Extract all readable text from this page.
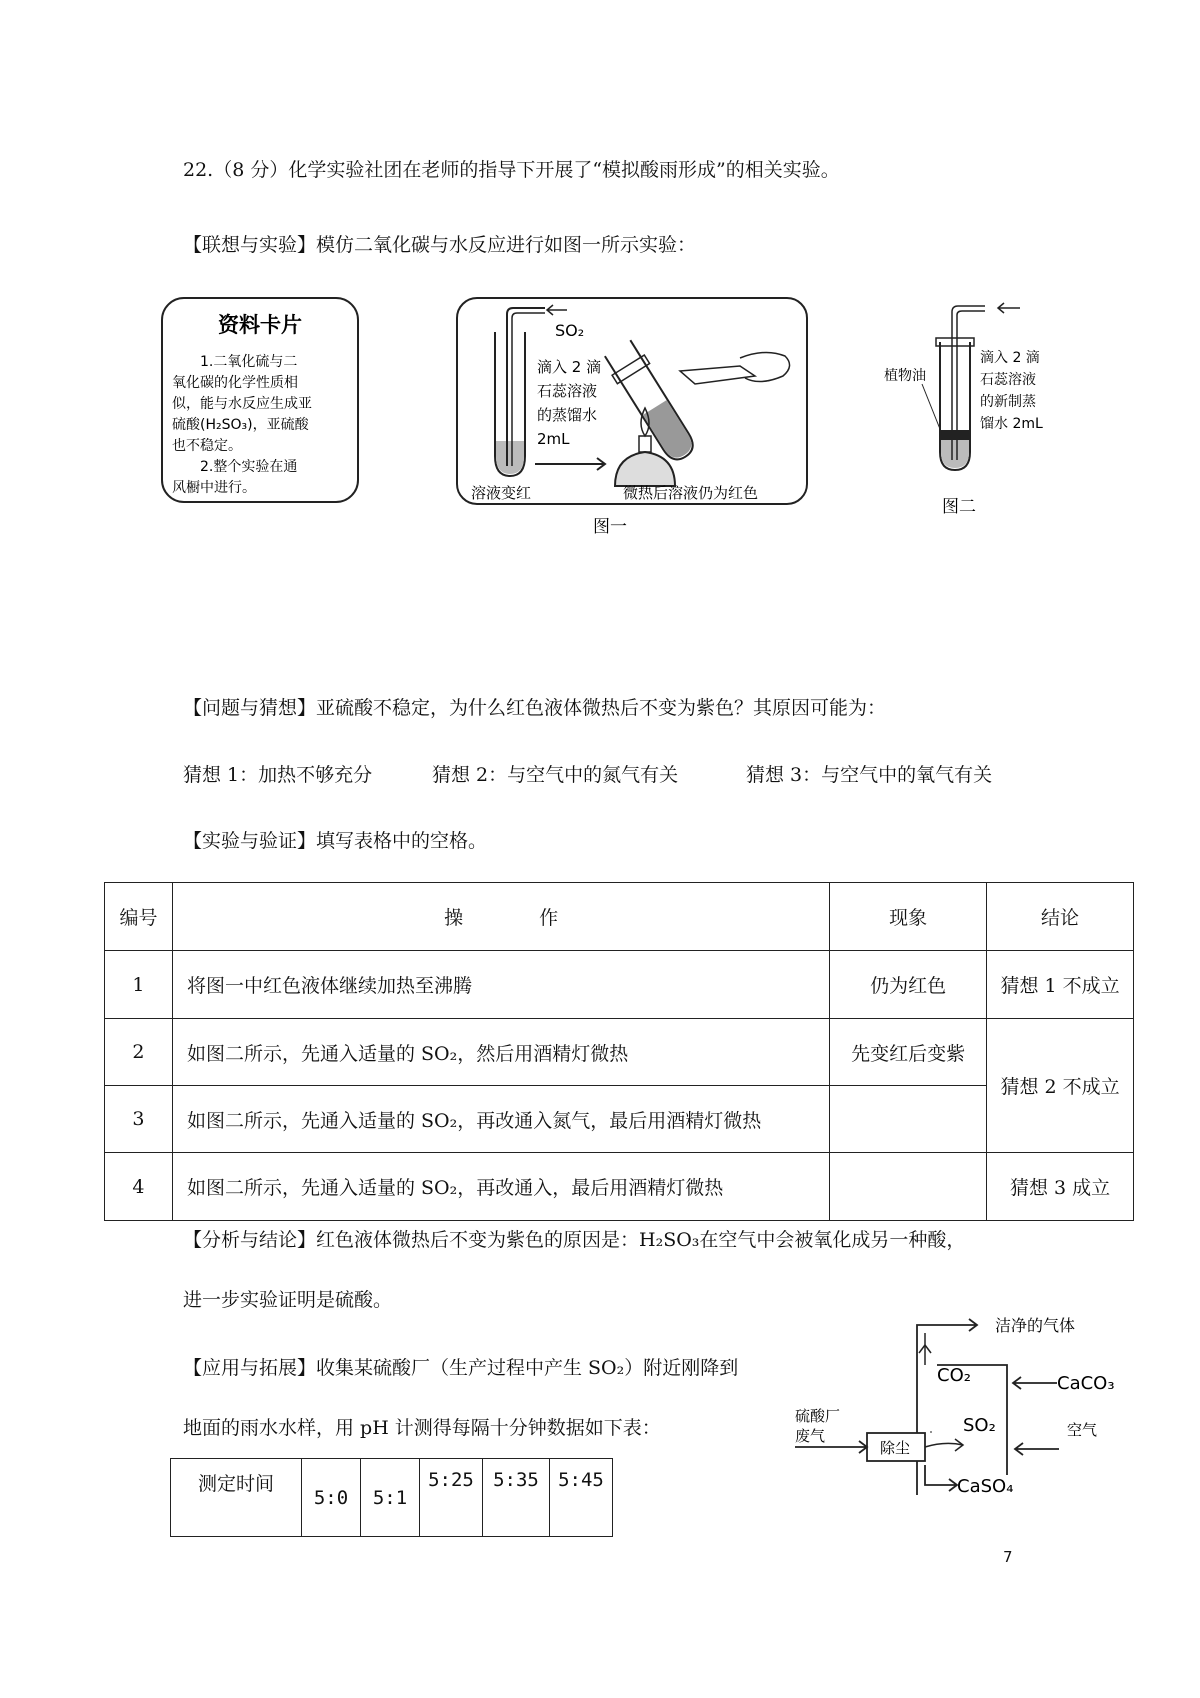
22.（8 分）化学实验社团在老师的指导下开展了“模拟酸雨形成”的相关实验。
【联想与实验】模仿二氧化碳与水反应进行如图一所示实验：
资料卡片
1.二氧化硫与二
氧化碳的化学性质相
似，能与水反应生成亚
硫酸(H₂SO₃)，亚硫酸
也不稳定。
2.整个实验在通
风橱中进行。
SO₂
滴入 2 滴
石蕊溶液
的蒸馏水
2mL
溶液变红	微热后溶液仍为红色
图一
植物油
滴入 2 滴
石蕊溶液
的新制蒸
馏水 2mL
图二
【问题与猜想】亚硫酸不稳定，为什么红色液体微热后不变为紫色？其原因可能为：
猜想 1：加热不够充分	猜想 2：与空气中的氮气有关	猜想 3：与空气中的氧气有关
【实验与验证】填写表格中的空格。
编号	操　　　　作	现象	结论
1	将图一中红色液体继续加热至沸腾	仍为红色	猜想 1 不成立
2	如图二所示，先通入适量的 SO₂，然后用酒精灯微热	先变红后变紫	猜想 2 不成立
3	如图二所示，先通入适量的 SO₂，再改通入氮气，最后用酒精灯微热		
4	如图二所示，先通入适量的 SO₂，再改通入，最后用酒精灯微热		猜想 3 成立
【分析与结论】红色液体微热后不变为紫色的原因是：H₂SO₃在空气中会被氧化成另一种酸，
进一步实验证明是硫酸。
【应用与拓展】收集某硫酸厂（生产过程中产生 SO₂）附近刚降到
地面的雨水水样，用 pH 计测得每隔十分钟数据如下表：
洁净的气体
CO₂	CaCO₃
硫酸厂
废气
除尘
SO₂	空气
CaSO₄
测定时间	5:0	5:1	5:25	5:35	5:45
7
